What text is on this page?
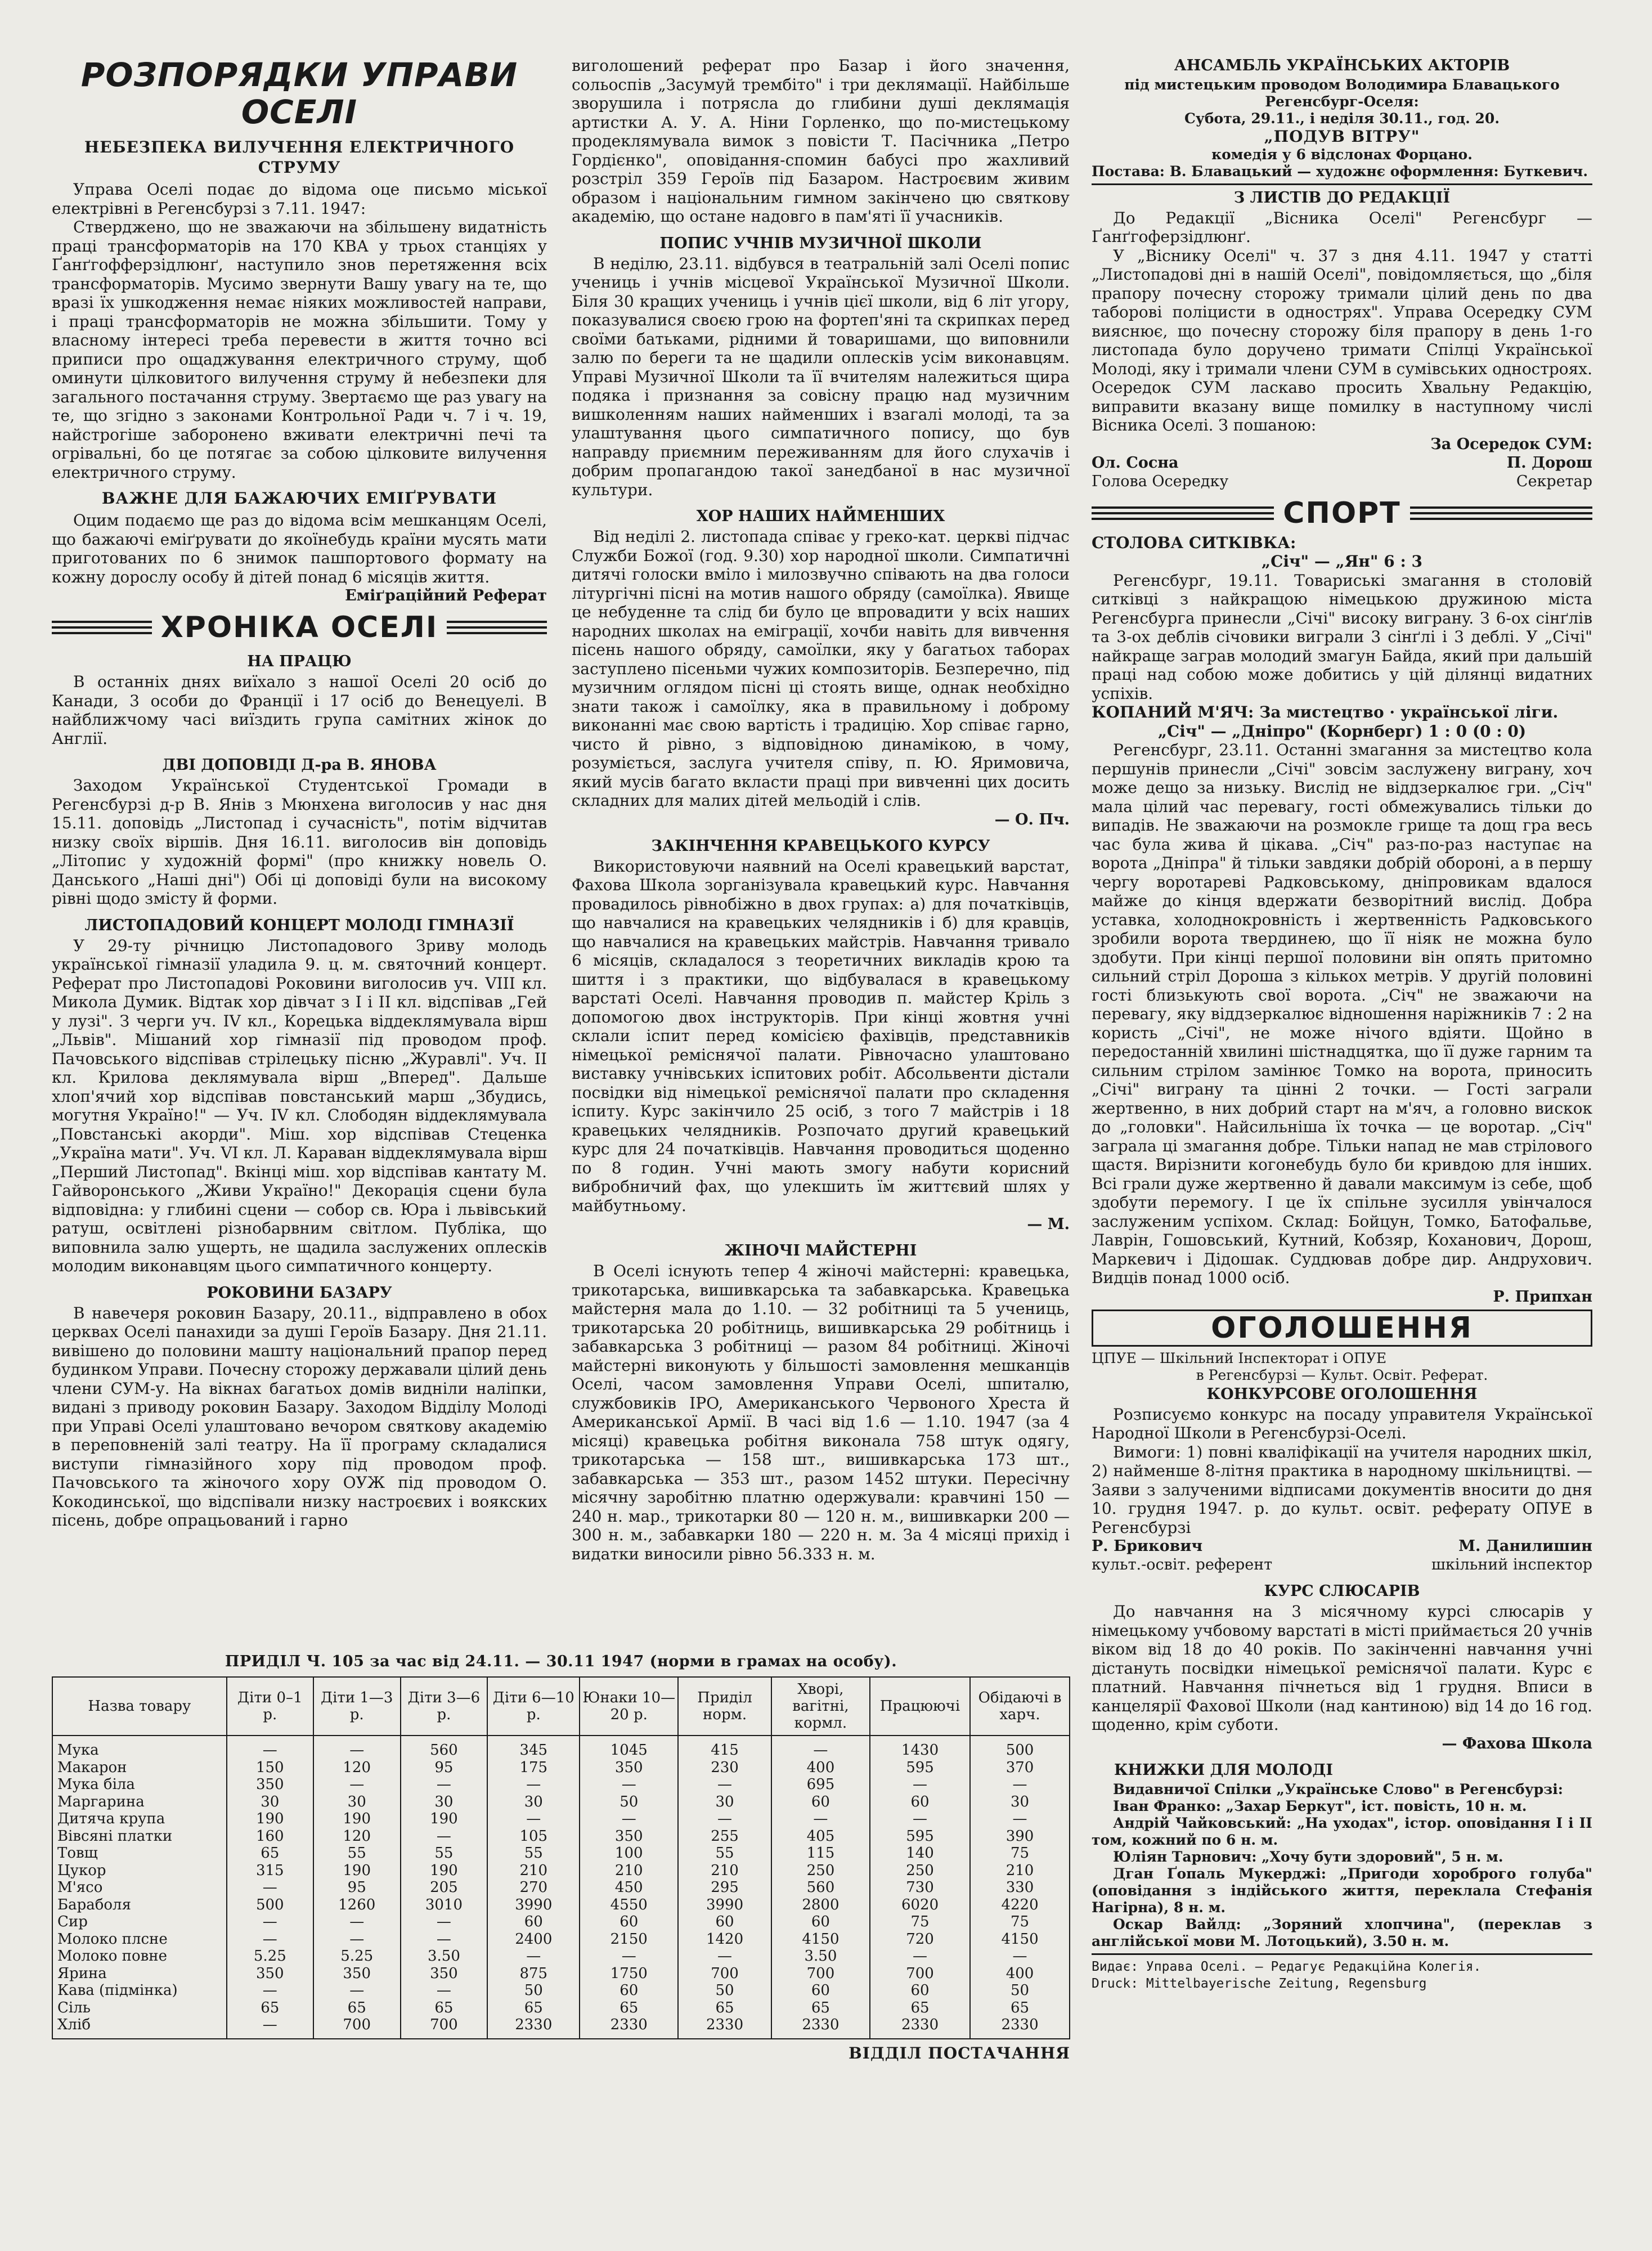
РОЗПОРЯДКИ УПРАВИ ОСЕЛІ
НЕБЕЗПЕКА ВИЛУЧЕННЯ ЕЛЕКТРИЧНОГО СТРУМУ

Управа Оселі подає до відома оце письмо міської електрівні в Регенсбурзі з 7.11. 1947:

Стверджено, що не зважаючи на збільшену видатність праці трансформаторів на 170 КВА у трьох станціях у Ґанґгофферзідлюнґ, наступило знов перетяження всіх трансформаторів. Мусимо звернути Вашу увагу на те, що вразі їх ушкодження немає ніяких можливостей направи, і праці трансформаторів не можна збільшити. Тому у власному інтересі треба перевести в життя точно всі приписи про ощаджування електричного струму, щоб оминути цілковитого вилучення струму й небезпеки для загального постачання струму. Звертаємо ще раз увагу на те, що згідно з законами Контрольної Ради ч. 7 і ч. 19, найстрогіше заборонено вживати електричні печі та огрівальні, бо це потягає за собою цілковите вилучення електричного струму.

ВАЖНЕ ДЛЯ БАЖАЮЧИХ ЕМІҐРУВАТИ

Оцим подаємо ще раз до відома всім мешканцям Оселі, що бажаючі еміґрувати до якоїнебудь країни мусять мати приготованих по 6 знимок пашпортового формату на кожну дорослу особу й дітей понад 6 місяців життя.

Еміґраційний Реферат

ХРОНІКА ОСЕЛІ
НА ПРАЦЮ

В останніх днях виїхало з нашої Оселі 20 осіб до Канади, 3 особи до Франції і 17 осіб до Венецуелі. В найближчому часі виїздить група самітних жінок до Англії.

ДВІ ДОПОВІДІ Д-ра В. ЯНОВА

Заходом Української Студентської Громади в Регенсбурзі д-р В. Янів з Мюнхена виголосив у нас дня 15.11. доповідь „Листопад і сучасність", потім відчитав низку своїх віршів. Дня 16.11. виголосив він доповідь „Літопис у художній формі" (про книжку новель О. Данського „Наші дні") Обі ці доповіді були на високому рівні щодо змісту й форми.

ЛИСТОПАДОВИЙ КОНЦЕРТ МОЛОДІ ГІМНАЗІЇ

У 29-ту річницю Листопадового Зриву молодь української гімназії уладила 9. ц. м. святочний концерт. Реферат про Листопадові Роковини виголосив уч. VIII кл. Микола Думик. Відтак хор дівчат з I і II кл. відспівав „Гей у лузі". З черги уч. IV кл., Корецька віддеклямувала вірш „Львів". Мішаний хор гімназії під проводом проф. Пачовського відспівав стрілецьку пісню „Журавлі". Уч. II кл. Крилова деклямувала вірш „Вперед". Дальше хлоп'ячий хор відспівав повстанський марш „Збудись, могутня Україно!" — Уч. IV кл. Слободян віддеклямувала „Повстанські акорди". Міш. хор відспівав Стеценка „Україна мати". Уч. VI кл. Л. Караван віддеклямувала вірш „Перший Листопад". Вкінці міш. хор відспівав кантату М. Гайворонського „Живи Україно!" Декорація сцени була відповідна: у глибині сцени — собор св. Юра і львівський ратуш, освітлені різнобарвним світлом. Публіка, що виповнила залю ущерть, не щадила заслужених оплесків молодим виконавцям цього симпатичного концерту.

РОКОВИНИ БАЗАРУ

В навечеря роковин Базару, 20.11., відправлено в обох церквах Оселі панахиди за душі Героїв Базару. Дня 21.11. вивішено до половини машту національний прапор перед будинком Управи. Почесну сторожу державали цілий день члени СУМ-у. На вікнах багатьох домів видніли наліпки, видані з приводу роковин Базару. Заходом Відділу Молоді при Управі Оселі улаштовано вечором святкову академію в переповненій залі театру. На її програму складалися виступи гімназійного хору під проводом проф. Пачовського та жіночого хору ОУЖ під проводом О. Кокодинської, що відспівали низку настроєвих і воякских пісень, добре опрацьований і гарно

виголошений реферат про Базар і його значення, сольоспів „Засумуй трембіто" і три деклямації. Найбільше зворушила і потрясла до глибини душі деклямація артистки А. У. А. Ніни Горленко, що по-мистецькому продеклямувала вимок з повісти Т. Пасічника „Петро Гордієнко", оповідання-спомин бабусі про жахливий розстріл 359 Героїв під Базаром. Настроєвим живим образом і національним гимном закінчено цю святкову академію, що остане надовго в пам'яті її учасників.

ПОПИС УЧНІВ МУЗИЧНОЇ ШКОЛИ

В неділю, 23.11. відбувся в театральній залі Оселі попис учениць і учнів місцевої Української Музичної Школи. Біля 30 кращих учениць і учнів цієї школи, від 6 літ угору, показувалися своєю грою на фортеп'яні та скрипках перед своїми батьками, рідними й товаришами, що виповнили залю по береги та не щадили оплесків усім виконавцям. Управі Музичної Школи та її вчителям належиться щира подяка і признання за совісну працю над музичним вишколенням наших найменших і взагалі молоді, та за улаштування цього симпатичного попису, що був направду приємним переживанням для його слухачів і добрим пропагандою такої занедбаної в нас музичної культури.

ХОР НАШИХ НАЙМЕНШИХ

Від неділі 2. листопада співає у греко-кат. церкві підчас Служби Божої (год. 9.30) хор народної школи. Симпатичні дитячі голоски вміло і милозвучно співають на два голоси літургічні пісні на мотив нашого обряду (самоїлка). Явище це небуденне та слід би було це впровадити у всіх наших народних школах на еміграції, хочби навіть для вивчення пісень нашого обряду, самоїлки, яку у багатьох таборах заступлено пісеньми чужих композиторів. Безперечно, під музичним оглядом пісні ці стоять вище, однак необхідно знати також і самоїлку, яка в правильному і доброму виконанні має свою вартість і традицію. Хор співає гарно, чисто й рівно, з відповідною динамікою, в чому, розуміється, заслуга учителя співу, п. Ю. Яримовича, який мусів багато вкласти праці при вивченні цих досить складних для малих дітей мельодій і слів.

— О. Пч.

ЗАКІНЧЕННЯ КРАВЕЦЬКОГО КУРСУ

Використовуючи наявний на Оселі кравецький варстат, Фахова Школа зорганізувала кравецький курс. Навчання провадилось рівнобіжно в двох групах: а) для початківців, що навчалися на кравецьких челядників і б) для кравців, що навчалися на кравецьких майстрів. Навчання тривало 6 місяців, складалося з теоретичних викладів крою та шиття і з практики, що відбувалася в кравецькому варстаті Оселі. Навчання проводив п. майстер Кріль з допомогою двох інструкторів. При кінці жовтня учні склали іспит перед комісією фахівців, представників німецької реміснячої палати. Рівночасно улаштовано виставку учнівських іспитових робіт. Абсольвенти дістали посвідки від німецької реміснячої палати про складення іспиту. Курс закінчило 25 осіб, з того 7 майстрів і 18 кравецьких челядників. Розпочато другий кравецький курс для 24 початківців. Навчання проводиться щоденно по 8 годин. Учні мають змогу набути корисний вибробничий фах, що улекшить їм життєвий шлях у майбутньому.

— М.

ЖІНОЧІ МАЙСТЕРНІ

В Оселі існують тепер 4 жіночі майстерні: кравецька, трикотарська, вишивкарська та забавкарська. Кравецька майстерня мала до 1.10. — 32 робітниці та 5 учениць, трикотарська 20 робітниць, вишивкарська 29 робітниць і забавкарська 3 робітниці — разом 84 робітниці. Жіночі майстерні виконують у більшості замовлення мешканців Оселі, часом замовлення Управи Оселі, шпиталю, службовиків IPO, Американського Червоного Хреста й Американської Армії. В часі від 1.6 — 1.10. 1947 (за 4 місяці) кравецька робітня виконала 758 штук одягу, трикотарська — 158 шт., вишивкарська 173 шт., забавкарська — 353 шт., разом 1452 штуки. Пересічну місячну заробітню платню одержували: кравчині 150 — 240 н. мар., трикотарки 80 — 120 н. м., вишивкарки 200 — 300 н. м., забавкарки 180 — 220 н. м. За 4 місяці прихід і видатки виносили рівно 56.333 н. м.

АНСАМБЛЬ УКРАЇНСЬКИХ АКТОРІВ

під мистецьким проводом Володимира Блавацького

Регенсбург-Оселя:

Субота, 29.11., і неділя 30.11., год. 20.

„ПОДУВ ВІТРУ"

комедія у 6 відслонах Форцано.

Постава: В. Блавацький — художнє оформлення: Буткевич.

З ЛИСТІВ ДО РЕДАКЦІЇ

До Редакції „Вісника Оселі" Регенсбург — Ґанґгоферзідлюнґ.

У „Віснику Оселі" ч. 37 з дня 4.11. 1947 у статті „Листопадові дні в нашій Оселі", повідомляється, що „біля прапору почесну сторожу тримали цілий день по два таборові поліцисти в однострях". Управа Осередку СУМ вияснює, що почесну сторожу біля прапору в день 1-го листопада було доручено тримати Спілці Української Молоді, яку і тримали члени СУМ в сумівських одностроях. Осередок СУМ ласкаво просить Хвальну Редакцію, виправити вказану вище помилку в наступному числі Вісника Оселі. З пошаною:

За Осередок СУМ:

Ол. Сосна	П. Дорош
Голова Осередку	Секретар
СПОРТ

СТОЛОВА СИТКІВКА:

„Січ" — „Ян" 6 : 3

Регенсбург, 19.11. Товариські змагання в столовій ситківці з найкращою німецькою дружиною міста Регенсбурга принесли „Січі" високу вигранy. З 6-ох сінґлів та 3-ох деблів січовики виграли 3 сінґлі і 3 деблі. У „Січі" найкраще заграв молодий змагун Байда, який при дальшій праці над собою може добитись у цій ділянці видатних успіхів.

КОПАНИЙ М'ЯЧ: За мистецтво · української ліги.

„Січ" — „Дніпро" (Корнберг) 1 : 0 (0 : 0)

Регенсбург, 23.11. Останні змагання за мистецтво кола першунів принесли „Січі" зовсім заслужену вигранy, хоч може дещо за низьку. Вислід не віддзеркалює гри. „Січ" мала цілий час перевагу, гості обмежувались тільки до випадів. Не зважаючи на розмокле грище та дощ гра весь час була жива й цікава. „Січ" раз-по-раз наступає на ворота „Дніпра" й тільки завдяки добрій обороні, а в першу чергу воротареві Радковському, дніпровикам вдалося майже до кінця вдержати безворітний вислід. Добра уставка, холоднокровність і жертвенність Радковського зробили ворота твердинею, що її ніяк не можна було здобути. При кінці першої половини він опять притомно сильний стріл Дороша з кількох метрів. У другій половині гості близькують свої ворота. „Січ" не зважаючи на перевагу, яку віддзеркалює відношення наріжників 7 : 2 на користь „Січі", не може нічого вдіяти. Щойно в передостанній хвилині шістнадцятка, що її дуже гарним та сильним стрілом замінює Томко на ворота, приносить „Січі" вигранy та цінні 2 точки. — Гості заграли жертвенно, в них добрий старт на м'яч, а головно вискок до „головки". Найсильніша їх точка — це воротар. „Січ" заграла ці змагання добре. Тільки напад не мав стрілового щастя. Вирізнити когонебудь було би кривдою для інших. Всі грали дуже жертвенно й давали максимум із себе, щоб здобути перемогу. І це їх спільне зусилля увінчалося заслуженим успіхом. Склад: Бойцун, Томко, Батофальве, Лаврін, Гошовський, Кутний, Кобзяр, Коханович, Дорош, Маркевич і Дідошак. Суддював добре дир. Андрухович. Видців понад 1000 осіб.

Р. Припхан

ОГОЛОШЕННЯ

ЦПУЕ — Шкільний Інспекторат і ОПУЕ

в Регенсбурзі — Культ. Освіт. Реферат.

КОНКУРСОВЕ ОГОЛОШЕННЯ

Розписуємо конкурс на посаду управителя Української Народної Школи в Регенсбурзі-Оселі.

Вимоги: 1) повні кваліфікації на учителя народних шкіл, 2) найменше 8-літня практика в народному шкільництві. — Заяви з залученими відписами документів вносити до дня 10. грудня 1947. р. до культ. освіт. реферату ОПУЕ в Регенсбурзі

Р. Брикович	М. Данилишин
культ.-освіт. референт	шкільний інспектор
КУРС СЛЮСАРІВ

До навчання на 3 місячному курсі слюсарів у німецькому учбовому варстаті в місті приймається 20 учнів віком від 18 до 40 років. По закінченні навчання учні дістануть посвідки німецької реміснячої палати. Курс є платний. Навчання пічнеться від 1 грудня. Вписи в канцелярії Фахової Школи (над кантиною) від 14 до 16 год. щоденно, крім суботи.

— Фахова Школа

КНИЖКИ ДЛЯ МОЛОДІ

Видавничої Спілки „Українське Слово" в Регенсбурзі:

Іван Франко: „Захар Беркут", іст. повість, 10 н. м.

Андрій Чайковський: „На уходах", істор. оповідання I і II том, кожний по 6 н. м.

Юліян Тарнович: „Хочу бути здоровий", 5 н. м.

Дган Ґопаль Мукерджі: „Пригоди хороброго голуба" (оповідання з індійського життя, переклала Стефанія Нагірна), 8 н. м.

Оскар Вайлд: „Зоряний хлопчина", (переклав з англійської мови М. Лотоцький), 3.50 н. м.

Видає: Управа Оселі. — Редагує Редакційна Колегія.

Druck: Mittelbayerische Zeitung, Regensburg

ПРИДІЛ Ч. 105 за час від 24.11. — 30.11 1947 (норми в грамах на особу).
Назва товару	Діти 0–1 р.	Діти 1—3 р.	Діти 3—6 р.	Діти 6—10 р.	Юнаки 10—20 р.	Приділ норм.	Хворі, вагітні, кормл.	Працюючі	Обідаючі в харч.
Мука	—	—	560	345	1045	415	—	1430	500
Макарон	150	120	95	175	350	230	400	595	370
Мука біла	350	—	—	—	—	—	695	—	—
Маргарина	30	30	30	30	50	30	60	60	30
Дитяча крупа	190	190	190	—	—	—	—	—	—
Вівсяні платки	160	120	—	105	350	255	405	595	390
Товщ	65	55	55	55	100	55	115	140	75
Цукор	315	190	190	210	210	210	250	250	210
М'ясо	—	95	205	270	450	295	560	730	330
Бараболя	500	1260	3010	3990	4550	3990	2800	6020	4220
Сир	—	—	—	60	60	60	60	75	75
Молоко плсне	—	—	—	2400	2150	1420	4150	720	4150
Молоко повне	5.25	5.25	3.50	—	—	—	3.50	—	—
Ярина	350	350	350	875	1750	700	700	700	400
Кава (підмінка)	—	—	—	50	60	50	60	60	50
Сіль	65	65	65	65	65	65	65	65	65
Хліб	—	700	700	2330	2330	2330	2330	2330	2330
ВІДДІЛ ПОСТАЧАННЯ
